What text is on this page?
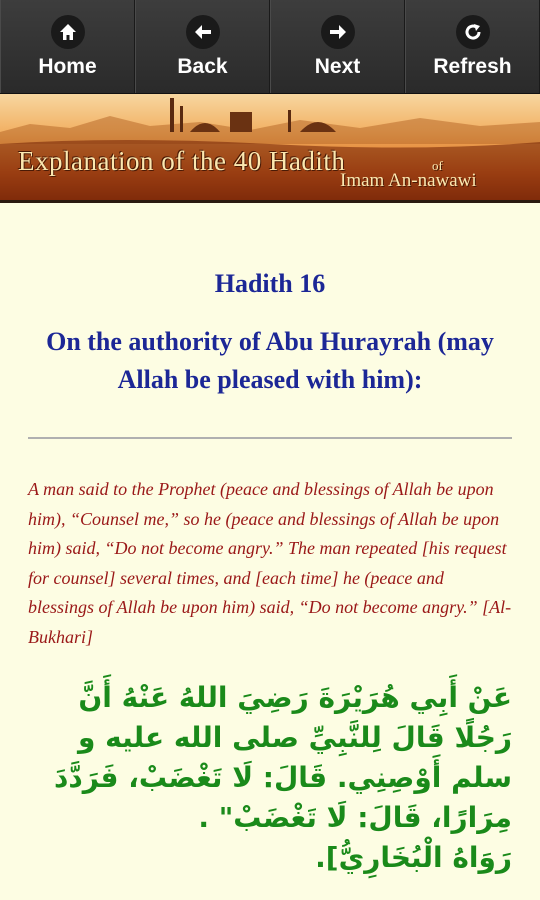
Home	Back	Next	Refresh
Explanation of the 40 Hadith	of
Imam An-nawawi
Hadith 16
On the authority of Abu Hurayrah (may Allah be pleased with him):
A man said to the Prophet (peace and blessings of Allah be upon him), “Counsel me,” so he (peace and blessings of Allah be upon him) said, “Do not become angry.” The man repeated [his request for counsel] several times, and [each time] he (peace and blessings of Allah be upon him) said, “Do not become angry.” [Al-Bukhari]

عَنْ أَبِي هُرَيْرَةَ رَضِيَ اللهُ عَنْهُ أَنَّ رَجُلًا قَالَ لِلنَّبِيِّ صلى الله عليه و سلم أَوْصِنِي. قَالَ: لَا تَغْضَبْ، فَرَدَّدَ مِرَارًا، قَالَ: لَا تَغْضَبْ" .

رَوَاهُ الْبُخَارِيُّ].
